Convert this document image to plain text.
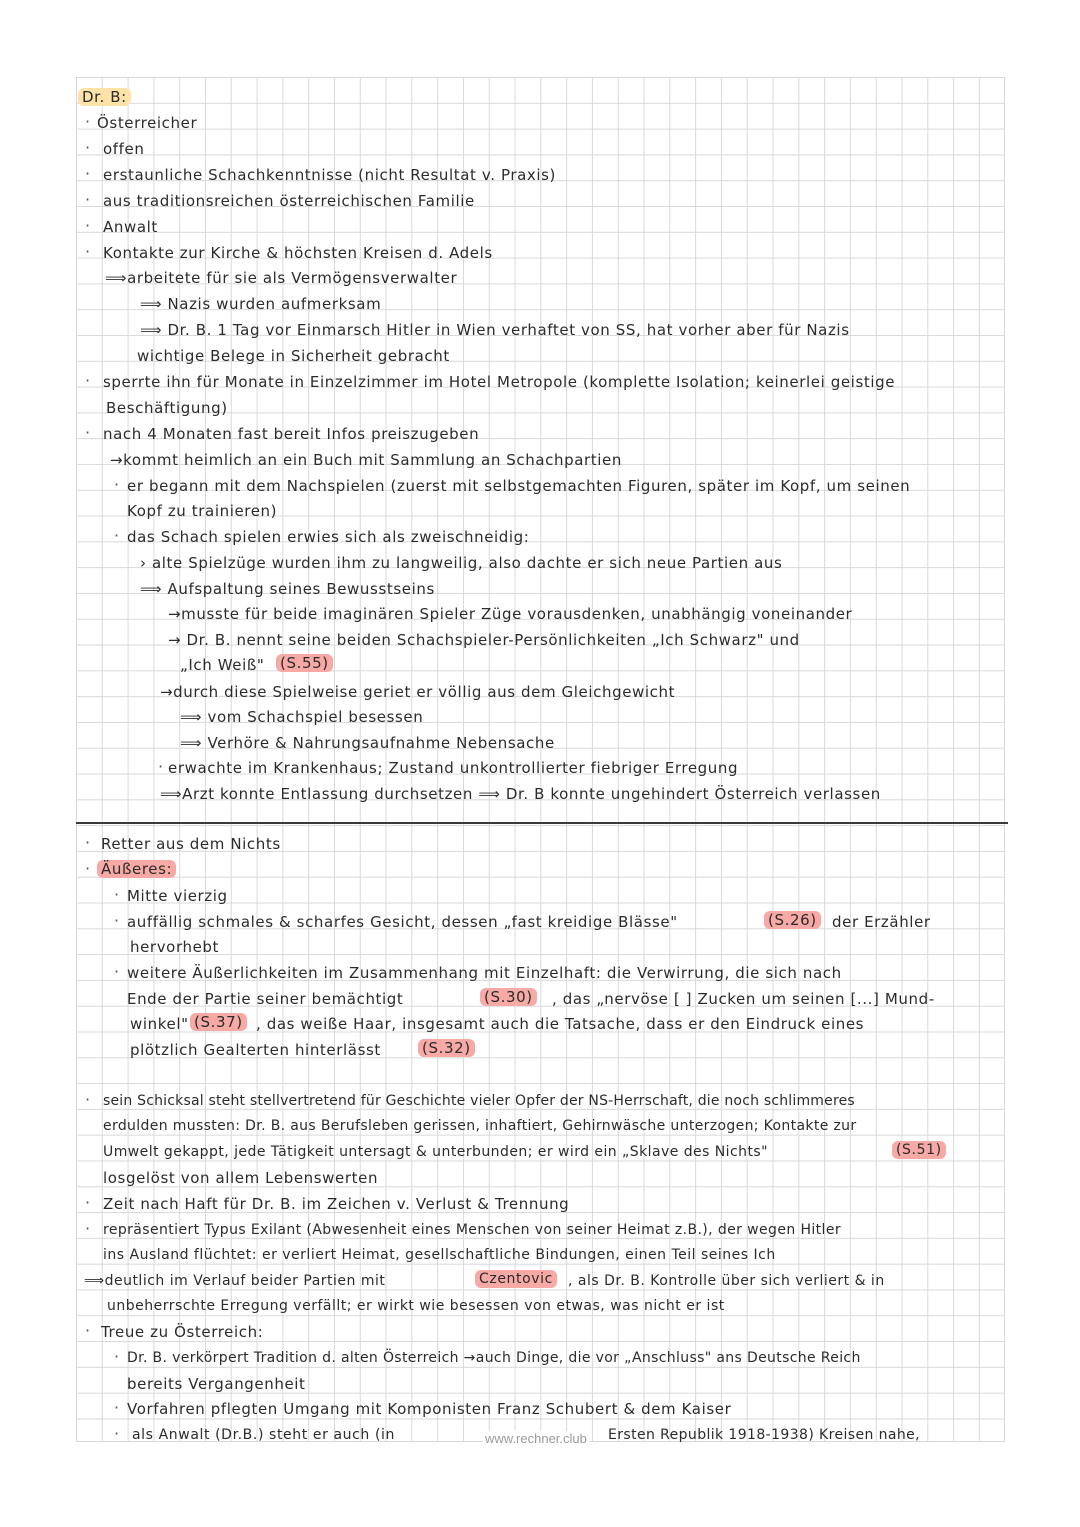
Dr. B:
· Österreicher
· offen
· erstaunliche Schachkenntnisse (nicht Resultat v. Praxis)
· aus traditionsreichen österreichischen Familie
· Anwalt
· Kontakte zur Kirche & höchsten Kreisen d. Adels
⟹arbeitete für sie als Vermögensverwalter
⟹ Nazis wurden aufmerksam
⟹ Dr. B. 1 Tag vor Einmarsch Hitler in Wien verhaftet von SS, hat vorher aber für Nazis
wichtige Belege in Sicherheit gebracht
· sperrte ihn für Monate in Einzelzimmer im Hotel Metropole (komplette Isolation; keinerlei geistige
Beschäftigung)
· nach 4 Monaten fast bereit Infos preiszugeben
→kommt heimlich an ein Buch mit Sammlung an Schachpartien
· er begann mit dem Nachspielen (zuerst mit selbstgemachten Figuren, später im Kopf, um seinen
Kopf zu trainieren)
· das Schach spielen erwies sich als zweischneidig:
› alte Spielzüge wurden ihm zu langweilig, also dachte er sich neue Partien aus
⟹ Aufspaltung seines Bewusstseins
→musste für beide imaginären Spieler Züge vorausdenken, unabhängig voneinander
→ Dr. B. nennt seine beiden Schachspieler-Persönlichkeiten „Ich Schwarz" und
„Ich Weiß" (S.55)
→durch diese Spielweise geriet er völlig aus dem Gleichgewicht
⟹ vom Schachspiel besessen
⟹ Verhöre & Nahrungsaufnahme Nebensache
· erwachte im Krankenhaus; Zustand unkontrollierter fiebriger Erregung
⟹Arzt konnte Entlassung durchsetzen ⟹ Dr. B konnte ungehindert Österreich verlassen
· Retter aus dem Nichts
· Äußeres:
· Mitte vierzig
· auffällig schmales & scharfes Gesicht, dessen „fast kreidige Blässe"	(S.26) der Erzähler
hervorhebt
· weitere Äußerlichkeiten im Zusammenhang mit Einzelhaft: die Verwirrung, die sich nach
Ende der Partie seiner bemächtigt	(S.30) , das „nervöse [ ] Zucken um seinen [...] Mund-
winkel" (S.37) , das weiße Haar, insgesamt auch die Tatsache, dass er den Eindruck eines
plötzlich Gealterten hinterlässt	(S.32)
· sein Schicksal steht stellvertretend für Geschichte vieler Opfer der NS-Herrschaft, die noch schlimmeres
erdulden mussten: Dr. B. aus Berufsleben gerissen, inhaftiert, Gehirnwäsche unterzogen; Kontakte zur
Umwelt gekappt, jede Tätigkeit untersagt & unterbunden; er wird ein „Sklave des Nichts"	(S.51)
losgelöst von allem Lebenswerten
· Zeit nach Haft für Dr. B. im Zeichen v. Verlust & Trennung
· repräsentiert Typus Exilant (Abwesenheit eines Menschen von seiner Heimat z.B.), der wegen Hitler
ins Ausland flüchtet: er verliert Heimat, gesellschaftliche Bindungen, einen Teil seines Ich
⟹deutlich im Verlauf beider Partien mit	Czentovic , als Dr. B. Kontrolle über sich verliert & in
unbeherrschte Erregung verfällt; er wirkt wie besessen von etwas, was nicht er ist
· Treue zu Österreich:
· Dr. B. verkörpert Tradition d. alten Österreich →auch Dinge, die vor „Anschluss" ans Deutsche Reich
bereits Vergangenheit
· Vorfahren pflegten Umgang mit Komponisten Franz Schubert & dem Kaiser
· als Anwalt (Dr.B.) steht er auch (in	Ersten Republik 1918-1938) Kreisen nahe,
www.rechner.club
